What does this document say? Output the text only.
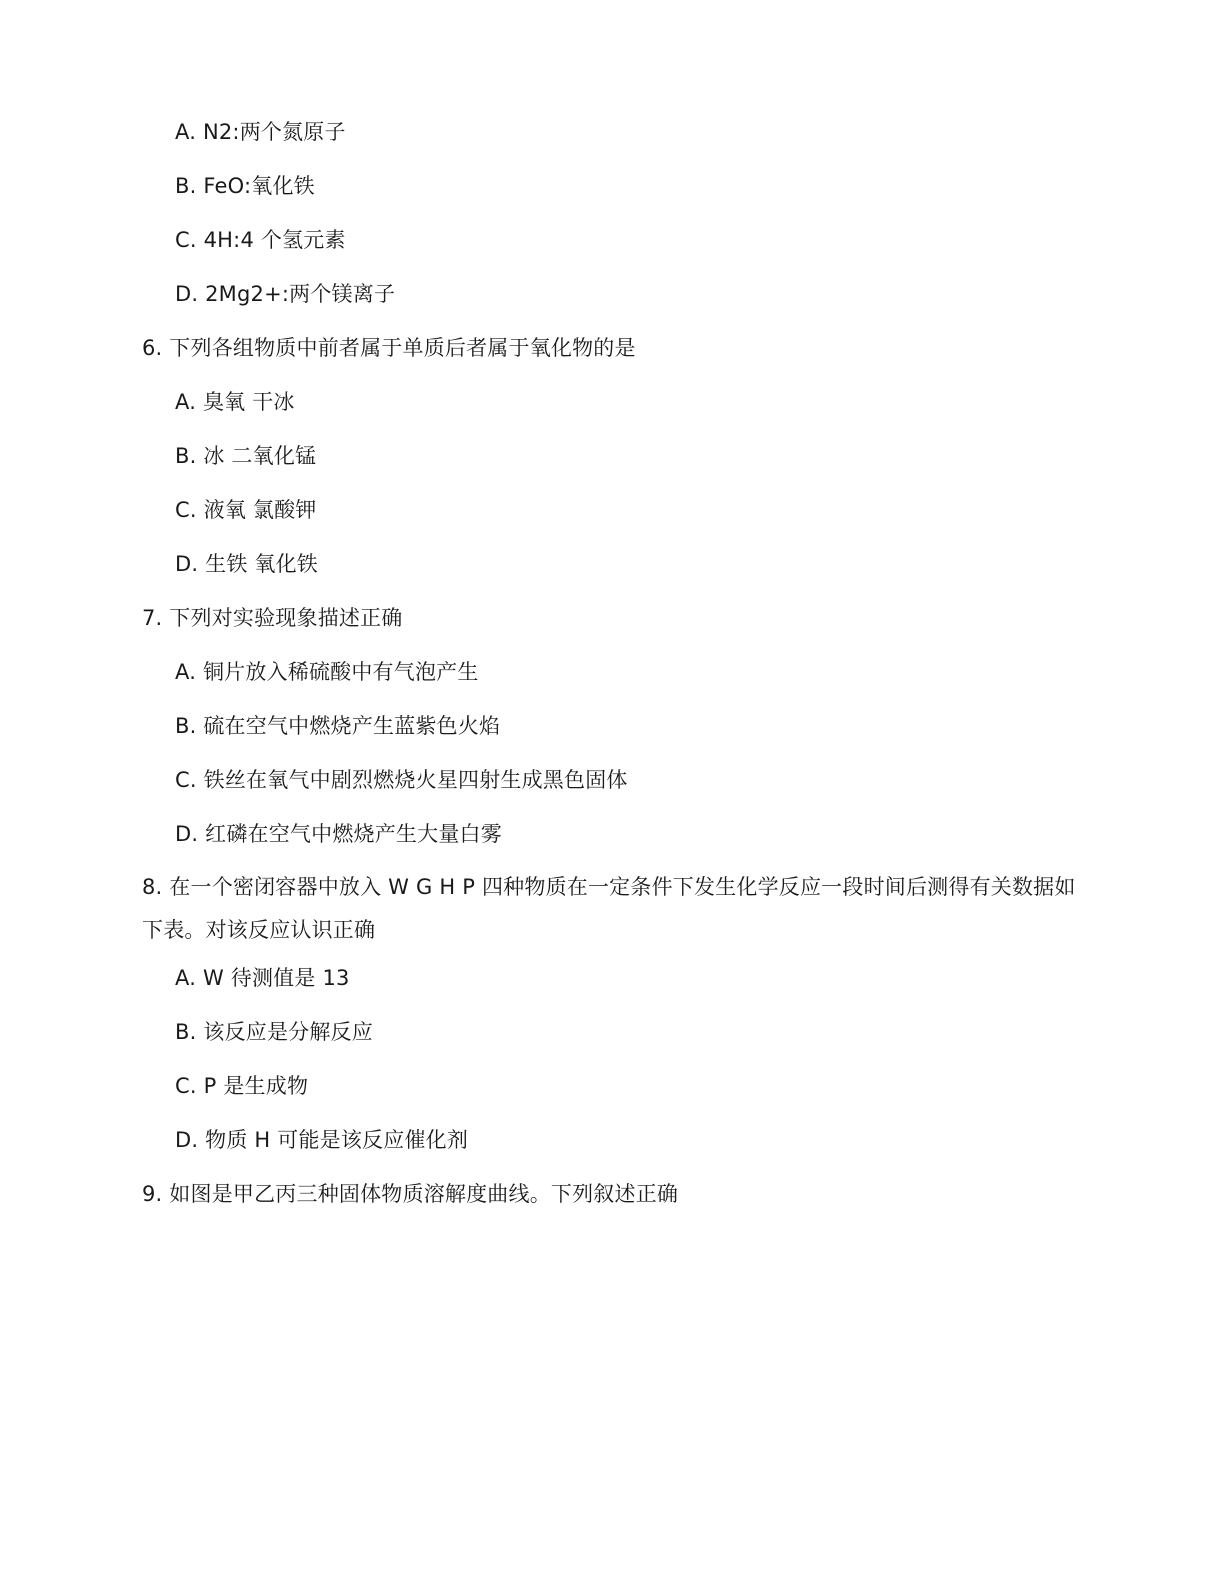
A. N2:两个氮原子
B. FeO:氧化铁
C. 4H:4 个氢元素
D. 2Mg2+:两个镁离子
6. 下列各组物质中前者属于单质后者属于氧化物的是
A. 臭氧 干冰
B. 冰 二氧化锰
C. 液氧 氯酸钾
D. 生铁 氧化铁
7. 下列对实验现象描述正确
A. 铜片放入稀硫酸中有气泡产生
B. 硫在空气中燃烧产生蓝紫色火焰
C. 铁丝在氧气中剧烈燃烧火星四射生成黑色固体
D. 红磷在空气中燃烧产生大量白雾
8. 在一个密闭容器中放入 W G H P 四种物质在一定条件下发生化学反应一段时间后测得有关数据如下表。对该反应认识正确
A. W 待测值是 13
B. 该反应是分解反应
C. P 是生成物
D. 物质 H 可能是该反应催化剂
9. 如图是甲乙丙三种固体物质溶解度曲线。下列叙述正确
